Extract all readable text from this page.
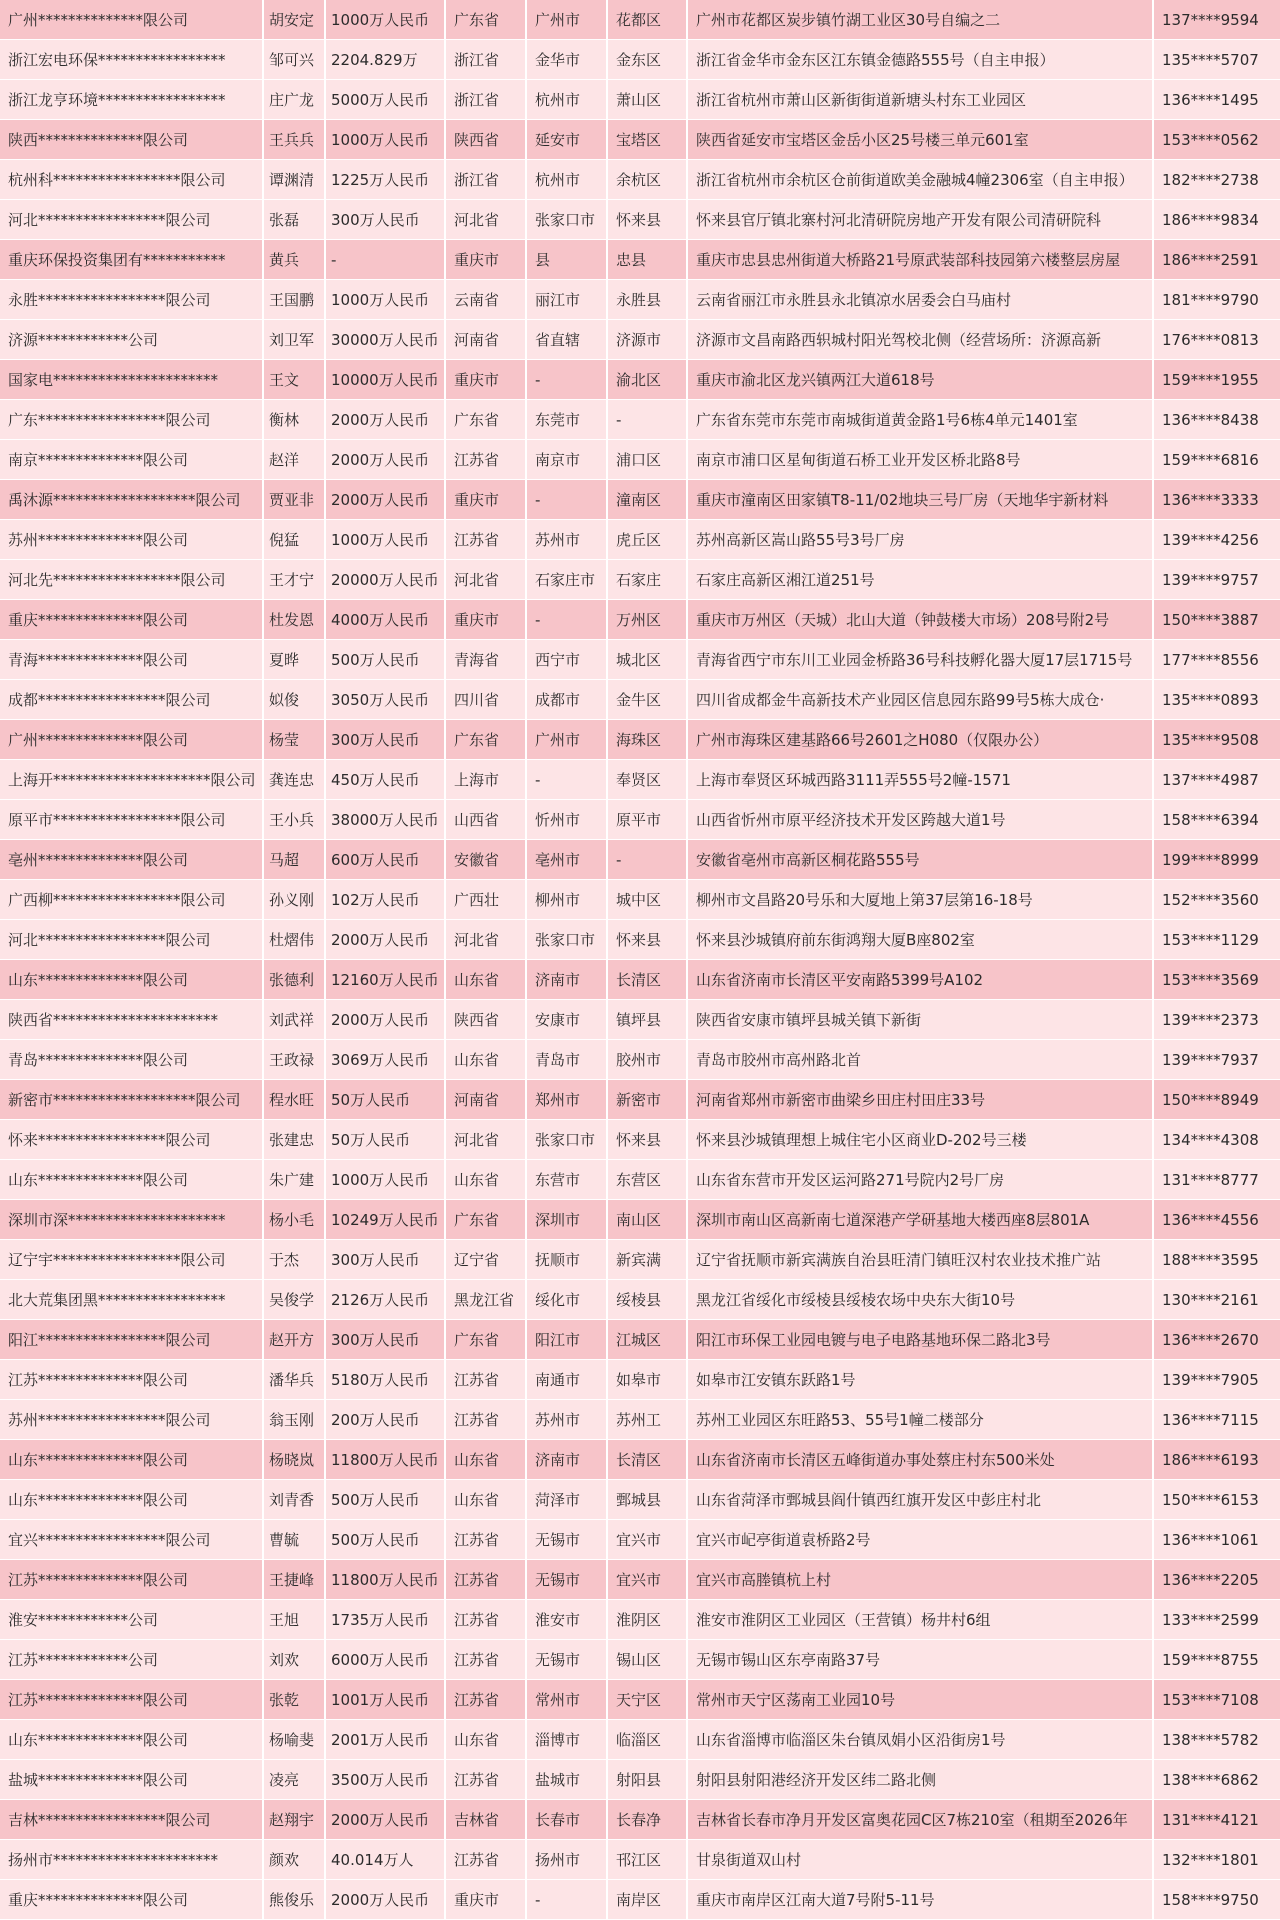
广州**************限公司	胡安定	1000万人民币	广东省	广州市	花都区	广州市花都区炭步镇竹湖工业区30号自编之二	137****9594
浙江宏电环保*****************	邹可兴	2204.829万	浙江省	金华市	金东区	浙江省金华市金东区江东镇金德路555号（自主申报）	135****5707
浙江龙亨环境*****************	庄广龙	5000万人民币	浙江省	杭州市	萧山区	浙江省杭州市萧山区新街街道新塘头村东工业园区	136****1495
陕西**************限公司	王兵兵	1000万人民币	陕西省	延安市	宝塔区	陕西省延安市宝塔区金岳小区25号楼三单元601室	153****0562
杭州科*****************限公司	谭渊清	1225万人民币	浙江省	杭州市	余杭区	浙江省杭州市余杭区仓前街道欧美金融城4幢2306室（自主申报）	182****2738
河北*****************限公司	张磊	300万人民币	河北省	张家口市	怀来县	怀来县官厅镇北寨村河北清研院房地产开发有限公司清研院科	186****9834
重庆环保投资集团有***********	黄兵	-	重庆市	县	忠县	重庆市忠县忠州街道大桥路21号原武装部科技园第六楼整层房屋	186****2591
永胜*****************限公司	王国鹏	1000万人民币	云南省	丽江市	永胜县	云南省丽江市永胜县永北镇凉水居委会白马庙村	181****9790
济源************公司	刘卫军	30000万人民币	河南省	省直辖	济源市	济源市文昌南路西轵城村阳光驾校北侧（经营场所：济源高新	176****0813
国家电**********************	王文	10000万人民币	重庆市	-	渝北区	重庆市渝北区龙兴镇两江大道618号	159****1955
广东*****************限公司	衡林	2000万人民币	广东省	东莞市	-	广东省东莞市东莞市南城街道黄金路1号6栋4单元1401室	136****8438
南京**************限公司	赵洋	2000万人民币	江苏省	南京市	浦口区	南京市浦口区星甸街道石桥工业开发区桥北路8号	159****6816
禹沐源*******************限公司	贾亚非	2000万人民币	重庆市	-	潼南区	重庆市潼南区田家镇T8-11/02地块三号厂房（天地华宇新材料	136****3333
苏州**************限公司	倪猛	1000万人民币	江苏省	苏州市	虎丘区	苏州高新区嵩山路55号3号厂房	139****4256
河北先*****************限公司	王才宁	20000万人民币	河北省	石家庄市	石家庄	石家庄高新区湘江道251号	139****9757
重庆**************限公司	杜发恩	4000万人民币	重庆市	-	万州区	重庆市万州区（天城）北山大道（钟鼓楼大市场）208号附2号	150****3887
青海**************限公司	夏晔	500万人民币	青海省	西宁市	城北区	青海省西宁市东川工业园金桥路36号科技孵化器大厦17层1715号	177****8556
成都*****************限公司	姒俊	3050万人民币	四川省	成都市	金牛区	四川省成都金牛高新技术产业园区信息园东路99号5栋大成仓·	135****0893
广州**************限公司	杨莹	300万人民币	广东省	广州市	海珠区	广州市海珠区建基路66号2601之H080（仅限办公）	135****9508
上海开*********************限公司 龚连忠	450万人民币	上海市	-	奉贤区	上海市奉贤区环城西路3111弄555号2幢-1571	137****4987
原平市*****************限公司	王小兵	38000万人民币	山西省	忻州市	原平市	山西省忻州市原平经济技术开发区跨越大道1号	158****6394
亳州**************限公司	马超	600万人民币	安徽省	亳州市	-	安徽省亳州市高新区桐花路555号	199****8999
广西柳*****************限公司	孙义刚	102万人民币	广西壮	柳州市	城中区	柳州市文昌路20号乐和大厦地上第37层第16-18号	152****3560
河北*****************限公司	杜熠伟	2000万人民币	河北省	张家口市	怀来县	怀来县沙城镇府前东街鸿翔大厦B座802室	153****1129
山东**************限公司	张德利	12160万人民币	山东省	济南市	长清区	山东省济南市长清区平安南路5399号A102	153****3569
陕西省**********************	刘武祥	2000万人民币	陕西省	安康市	镇坪县	陕西省安康市镇坪县城关镇下新街	139****2373
青岛**************限公司	王政禄	3069万人民币	山东省	青岛市	胶州市	青岛市胶州市高州路北首	139****7937
新密市*******************限公司	程水旺	50万人民币	河南省	郑州市	新密市	河南省郑州市新密市曲梁乡田庄村田庄33号	150****8949
怀来*****************限公司	张建忠	50万人民币	河北省	张家口市	怀来县	怀来县沙城镇理想上城住宅小区商业D-202号三楼	134****4308
山东**************限公司	朱广建	1000万人民币	山东省	东营市	东营区	山东省东营市开发区运河路271号院内2号厂房	131****8777
深圳市深*********************	杨小毛	10249万人民币	广东省	深圳市	南山区	深圳市南山区高新南七道深港产学研基地大楼西座8层801A	136****4556
辽宁宇*****************限公司	于杰	300万人民币	辽宁省	抚顺市	新宾满	辽宁省抚顺市新宾满族自治县旺清门镇旺汉村农业技术推广站	188****3595
北大荒集团黑*****************	吴俊学	2126万人民币	黑龙江省	绥化市	绥棱县	黑龙江省绥化市绥棱县绥棱农场中央东大街10号	130****2161
阳江*****************限公司	赵开方	300万人民币	广东省	阳江市	江城区	阳江市环保工业园电镀与电子电路基地环保二路北3号	136****2670
江苏**************限公司	潘华兵	5180万人民币	江苏省	南通市	如皋市	如皋市江安镇东跃路1号	139****7905
苏州*****************限公司	翁玉刚	200万人民币	江苏省	苏州市	苏州工	苏州工业园区东旺路53、55号1幢二楼部分	136****7115
山东**************限公司	杨晓岚	11800万人民币	山东省	济南市	长清区	山东省济南市长清区五峰街道办事处蔡庄村东500米处	186****6193
山东**************限公司	刘青香	500万人民币	山东省	菏泽市	鄄城县	山东省菏泽市鄄城县阎什镇西红旗开发区中彭庄村北	150****6153
宜兴*****************限公司	曹毓	500万人民币	江苏省	无锡市	宜兴市	宜兴市屺亭街道袁桥路2号	136****1061
江苏**************限公司	王捷峰	11800万人民币	江苏省	无锡市	宜兴市	宜兴市高塍镇杭上村	136****2205
淮安************公司	王旭	1735万人民币	江苏省	淮安市	淮阴区	淮安市淮阴区工业园区（王营镇）杨井村6组	133****2599
江苏************公司	刘欢	6000万人民币	江苏省	无锡市	锡山区	无锡市锡山区东亭南路37号	159****8755
江苏**************限公司	张乾	1001万人民币	江苏省	常州市	天宁区	常州市天宁区荡南工业园10号	153****7108
山东**************限公司	杨喻斐	2001万人民币	山东省	淄博市	临淄区	山东省淄博市临淄区朱台镇凤娟小区沿街房1号	138****5782
盐城**************限公司	凌亮	3500万人民币	江苏省	盐城市	射阳县	射阳县射阳港经济开发区纬二路北侧	138****6862
吉林*****************限公司	赵翔宇	2000万人民币	吉林省	长春市	长春净	吉林省长春市净月开发区富奥花园C区7栋210室（租期至2026年	131****4121
扬州市**********************	颜欢	40.014万人	江苏省	扬州市	邗江区	甘泉街道双山村	132****1801
重庆**************限公司	熊俊乐	2000万人民币	重庆市	-	南岸区	重庆市南岸区江南大道7号附5-11号	158****9750
